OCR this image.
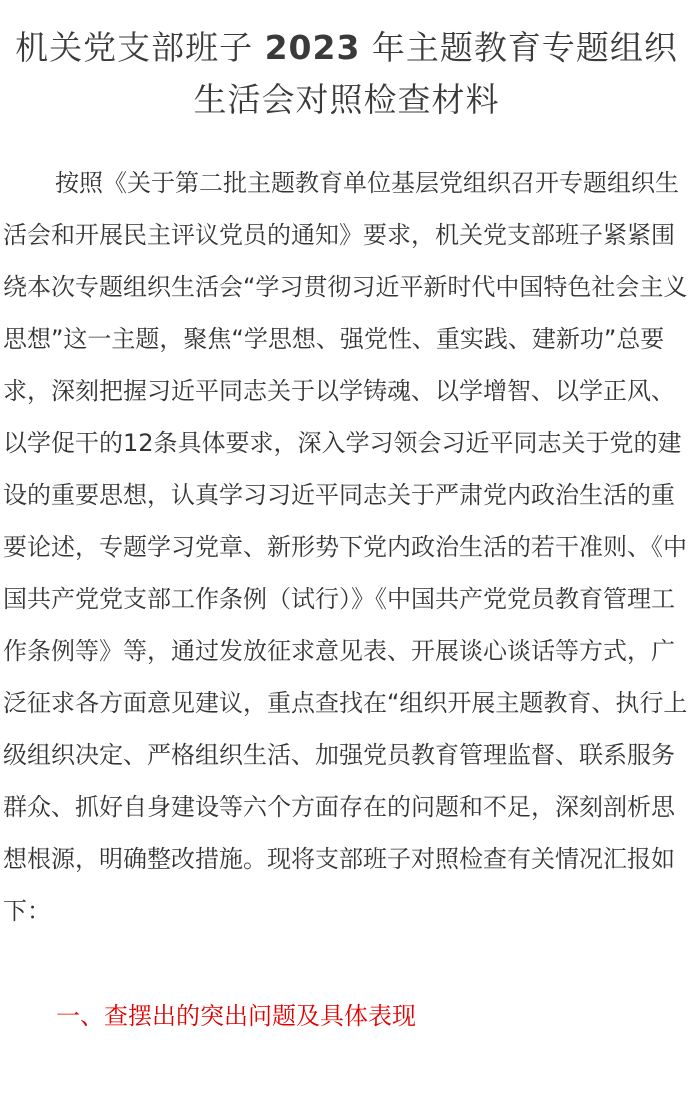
机关党支部班子 2023 年主题教育专题组织生活会对照检查材料

按照《关于第二批主题教育单位基层党组织召开专题组织生活会和开展民主评议党员的通知》要求，机关党支部班子紧紧围绕本次专题组织生活会“学习贯彻习近平新时代中国特色社会主义思想”这一主题，聚焦“学思想、强党性、重实践、建新功”总要求，深刻把握习近平同志关于以学铸魂、以学增智、以学正风、以学促干的12条具体要求，深入学习领会习近平同志关于党的建设的重要思想，认真学习习近平同志关于严肃党内政治生活的重要论述，专题学习党章、新形势下党内政治生活的若干准则、《中国共产党党支部工作条例（试行）》《中国共产党党员教育管理工作条例等》等，通过发放征求意见表、开展谈心谈话等方式，广泛征求各方面意见建议，重点查找在“组织开展主题教育、执行上级组织决定、严格组织生活、加强党员教育管理监督、联系服务群众、抓好自身建设等六个方面存在的问题和不足，深刻剖析思想根源，明确整改措施。现将支部班子对照检查有关情况汇报如下：

一、查摆出的突出问题及具体表现
